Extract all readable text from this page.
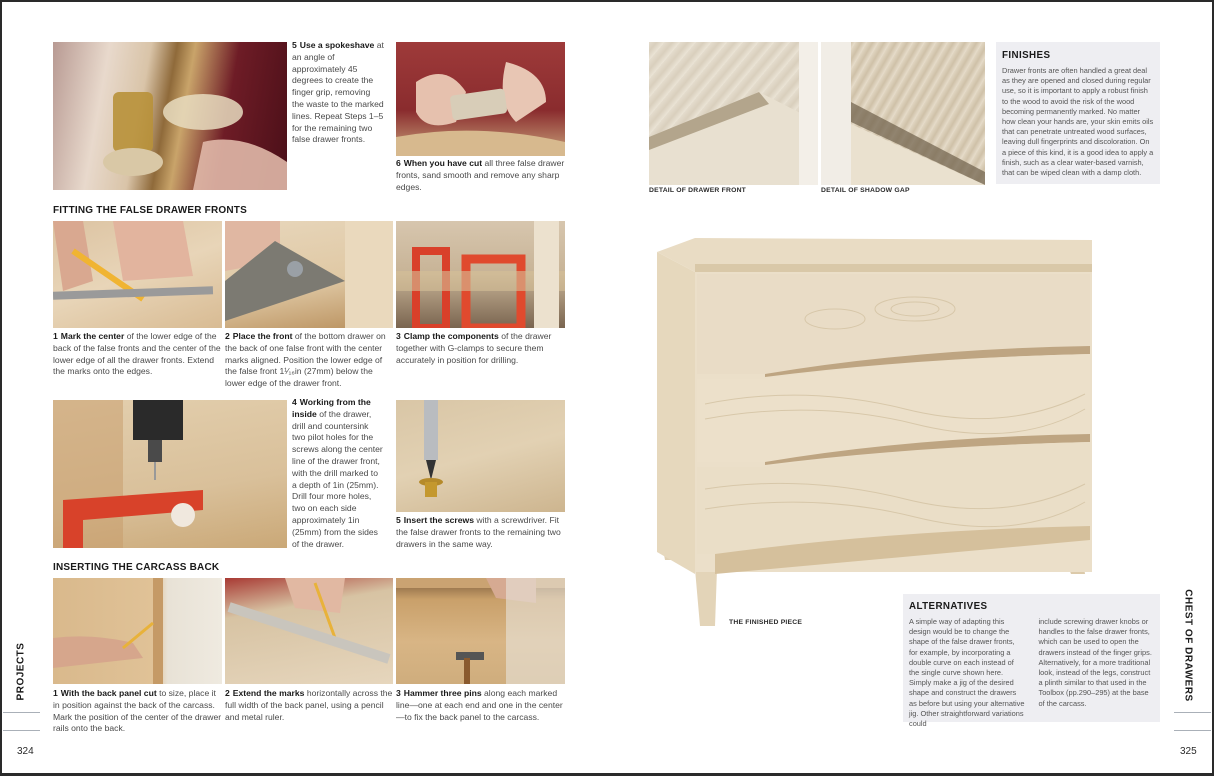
5 Use a spokeshave at an angle of approximately 45 degrees to create the finger grip, removing the waste to the marked lines. Repeat Steps 1–5 for the remaining two false drawer fronts.
6 When you have cut all three false drawer fronts, sand smooth and remove any sharp edges.
FITTING THE FALSE DRAWER FRONTS
1 Mark the center of the lower edge of the back of the false fronts and the center of the lower edge of all the drawer fronts. Extend the marks onto the edges.
2 Place the front of the bottom drawer on the back of one false front with the center marks aligned. Position the lower edge of the false front 1¹⁄₁₆in (27mm) below the lower edge of the drawer front.
3 Clamp the components of the drawer together with G-clamps to secure them accurately in position for drilling.
4 Working from the inside of the drawer, drill and countersink two pilot holes for the screws along the center line of the drawer front, with the drill marked to a depth of 1in (25mm). Drill four more holes, two on each side approximately 1in (25mm) from the sides of the drawer.
5 Insert the screws with a screwdriver. Fit the false drawer fronts to the remaining two drawers in the same way.
INSERTING THE CARCASS BACK
1 With the back panel cut to size, place it in position against the back of the carcass. Mark the position of the center of the drawer rails onto the back.
2 Extend the marks horizontally across the full width of the back panel, using a pencil and metal ruler.
3 Hammer three pins along each marked line—one at each end and one in the center—to fix the back panel to the carcass.
PROJECTS
324
DETAIL OF DRAWER FRONT	DETAIL OF SHADOW GAP
FINISHES

Drawer fronts are often handled a great deal as they are opened and closed during regular use, so it is important to apply a robust finish to the wood to avoid the risk of the wood becoming permanently marked. No matter how clean your hands are, your skin emits oils that can penetrate untreated wood surfaces, leaving dull fingerprints and discoloration. On a piece of this kind, it is a good idea to apply a finish, such as a clear water-based varnish, that can be wiped clean with a damp cloth.

THE FINISHED PIECE
ALTERNATIVES

A simple way of adapting this design would be to change the shape of the false drawer fronts, for example, by incorporating a double curve on each instead of the single curve shown here. Simply make a jig of the desired shape and construct the drawers as before but using your alternative jig. Other straightforward variations could

include screwing drawer knobs or handles to the false drawer fronts, which can be used to open the drawers instead of the finger grips. Alternatively, for a more traditional look, instead of the legs, construct a plinth similar to that used in the Toolbox (pp.290–295) at the base of the carcass.

CHEST OF DRAWERS
325
